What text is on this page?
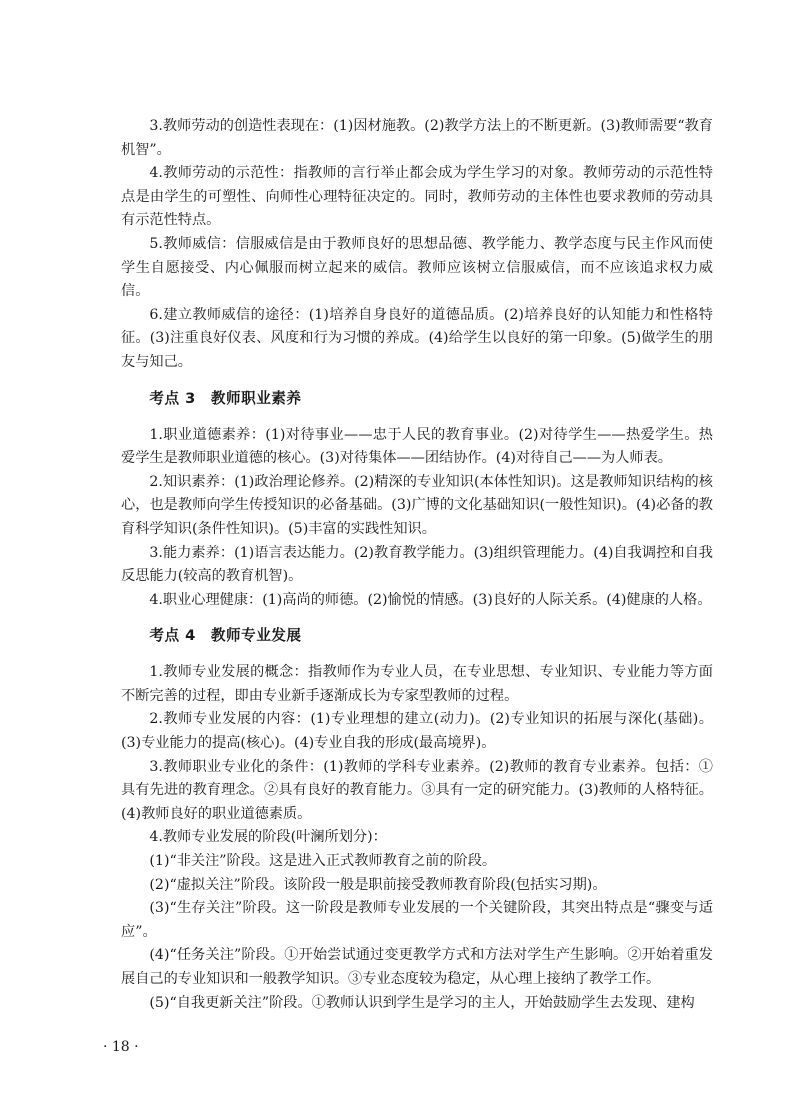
3.教师劳动的创造性表现在：(1)因材施教。(2)教学方法上的不断更新。(3)教师需要“教育机智”。

4.教师劳动的示范性：指教师的言行举止都会成为学生学习的对象。教师劳动的示范性特点是由学生的可塑性、向师性心理特征决定的。同时，教师劳动的主体性也要求教师的劳动具有示范性特点。

5.教师威信：信服威信是由于教师良好的思想品德、教学能力、教学态度与民主作风而使学生自愿接受、内心佩服而树立起来的威信。教师应该树立信服威信，而不应该追求权力威信。

6.建立教师威信的途径：(1)培养自身良好的道德品质。(2)培养良好的认知能力和性格特征。(3)注重良好仪表、风度和行为习惯的养成。(4)给学生以良好的第一印象。(5)做学生的朋友与知己。

考点 3　教师职业素养

1.职业道德素养：(1)对待事业——忠于人民的教育事业。(2)对待学生——热爱学生。热爱学生是教师职业道德的核心。(3)对待集体——团结协作。(4)对待自己——为人师表。

2.知识素养：(1)政治理论修养。(2)精深的专业知识(本体性知识)。这是教师知识结构的核心，也是教师向学生传授知识的必备基础。(3)广博的文化基础知识(一般性知识)。(4)必备的教育科学知识(条件性知识)。(5)丰富的实践性知识。

3.能力素养：(1)语言表达能力。(2)教育教学能力。(3)组织管理能力。(4)自我调控和自我反思能力(较高的教育机智)。

4.职业心理健康：(1)高尚的师德。(2)愉悦的情感。(3)良好的人际关系。(4)健康的人格。

考点 4　教师专业发展

1.教师专业发展的概念：指教师作为专业人员，在专业思想、专业知识、专业能力等方面不断完善的过程，即由专业新手逐渐成长为专家型教师的过程。

2.教师专业发展的内容：(1)专业理想的建立(动力)。(2)专业知识的拓展与深化(基础)。(3)专业能力的提高(核心)。(4)专业自我的形成(最高境界)。

3.教师职业专业化的条件：(1)教师的学科专业素养。(2)教师的教育专业素养。包括：①具有先进的教育理念。②具有良好的教育能力。③具有一定的研究能力。(3)教师的人格特征。(4)教师良好的职业道德素质。

4.教师专业发展的阶段(叶澜所划分)：

(1)“非关注”阶段。这是进入正式教师教育之前的阶段。

(2)“虚拟关注”阶段。该阶段一般是职前接受教师教育阶段(包括实习期)。

(3)“生存关注”阶段。这一阶段是教师专业发展的一个关键阶段，其突出特点是“骤变与适应”。

(4)“任务关注”阶段。①开始尝试通过变更教学方式和方法对学生产生影响。②开始着重发展自己的专业知识和一般教学知识。③专业态度较为稳定，从心理上接纳了教学工作。

(5)“自我更新关注”阶段。①教师认识到学生是学习的主人，开始鼓励学生去发现、建构

· 18 ·
